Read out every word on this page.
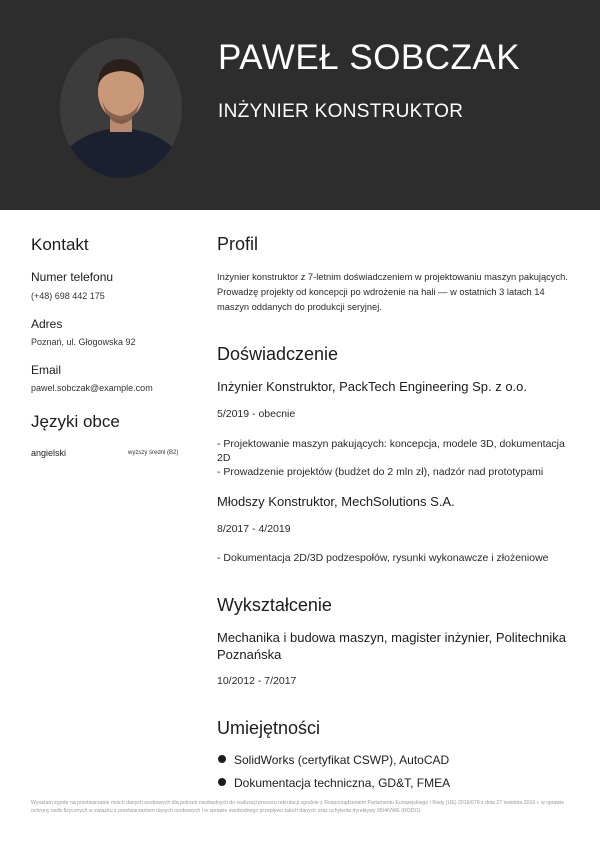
PAWEŁ SOBCZAK
INŻYNIER KONSTRUKTOR
Kontakt
Numer telefonu
(+48) 698 442 175
Adres
Poznań, ul. Głogowska 92
Email
pawel.sobczak@example.com
Języki obce
angielski	wyższy średni (B2)
Profil
Inżynier konstruktor z 7-letnim doświadczeniem w projektowaniu maszyn pakujących. Prowadzę projekty od koncepcji po wdrożenie na hali — w ostatnich 3 latach 14 maszyn oddanych do produkcji seryjnej.
Doświadczenie
Inżynier Konstruktor, PackTech Engineering Sp. z o.o.
5/2019 - obecnie
- Projektowanie maszyn pakujących: koncepcja, modele 3D, dokumentacja 2D
- Prowadzenie projektów (budżet do 2 mln zł), nadzór nad prototypami
Młodszy Konstruktor, MechSolutions S.A.
8/2017 - 4/2019
- Dokumentacja 2D/3D podzespołów, rysunki wykonawcze i złożeniowe
Wykształcenie
Mechanika i budowa maszyn, magister inżynier, Politechnika Poznańska
10/2012 - 7/2017
Umiejętności
SolidWorks (certyfikat CSWP), AutoCAD
Dokumentacja techniczna, GD&T, FMEA
Wyrażam zgodę na przetwarzanie moich danych osobowych dla potrzeb niezbędnych do realizacji procesu rekrutacji zgodnie z Rozporządzeniem Parlamentu Europejskiego i Rady (UE) 2016/679 z dnia 27 kwietnia 2016 r. w sprawie ochrony osób fizycznych w związku z przetwarzaniem danych osobowych i w sprawie swobodnego przepływu takich danych oraz uchylenia dyrektywy 95/46/WE (RODO).
